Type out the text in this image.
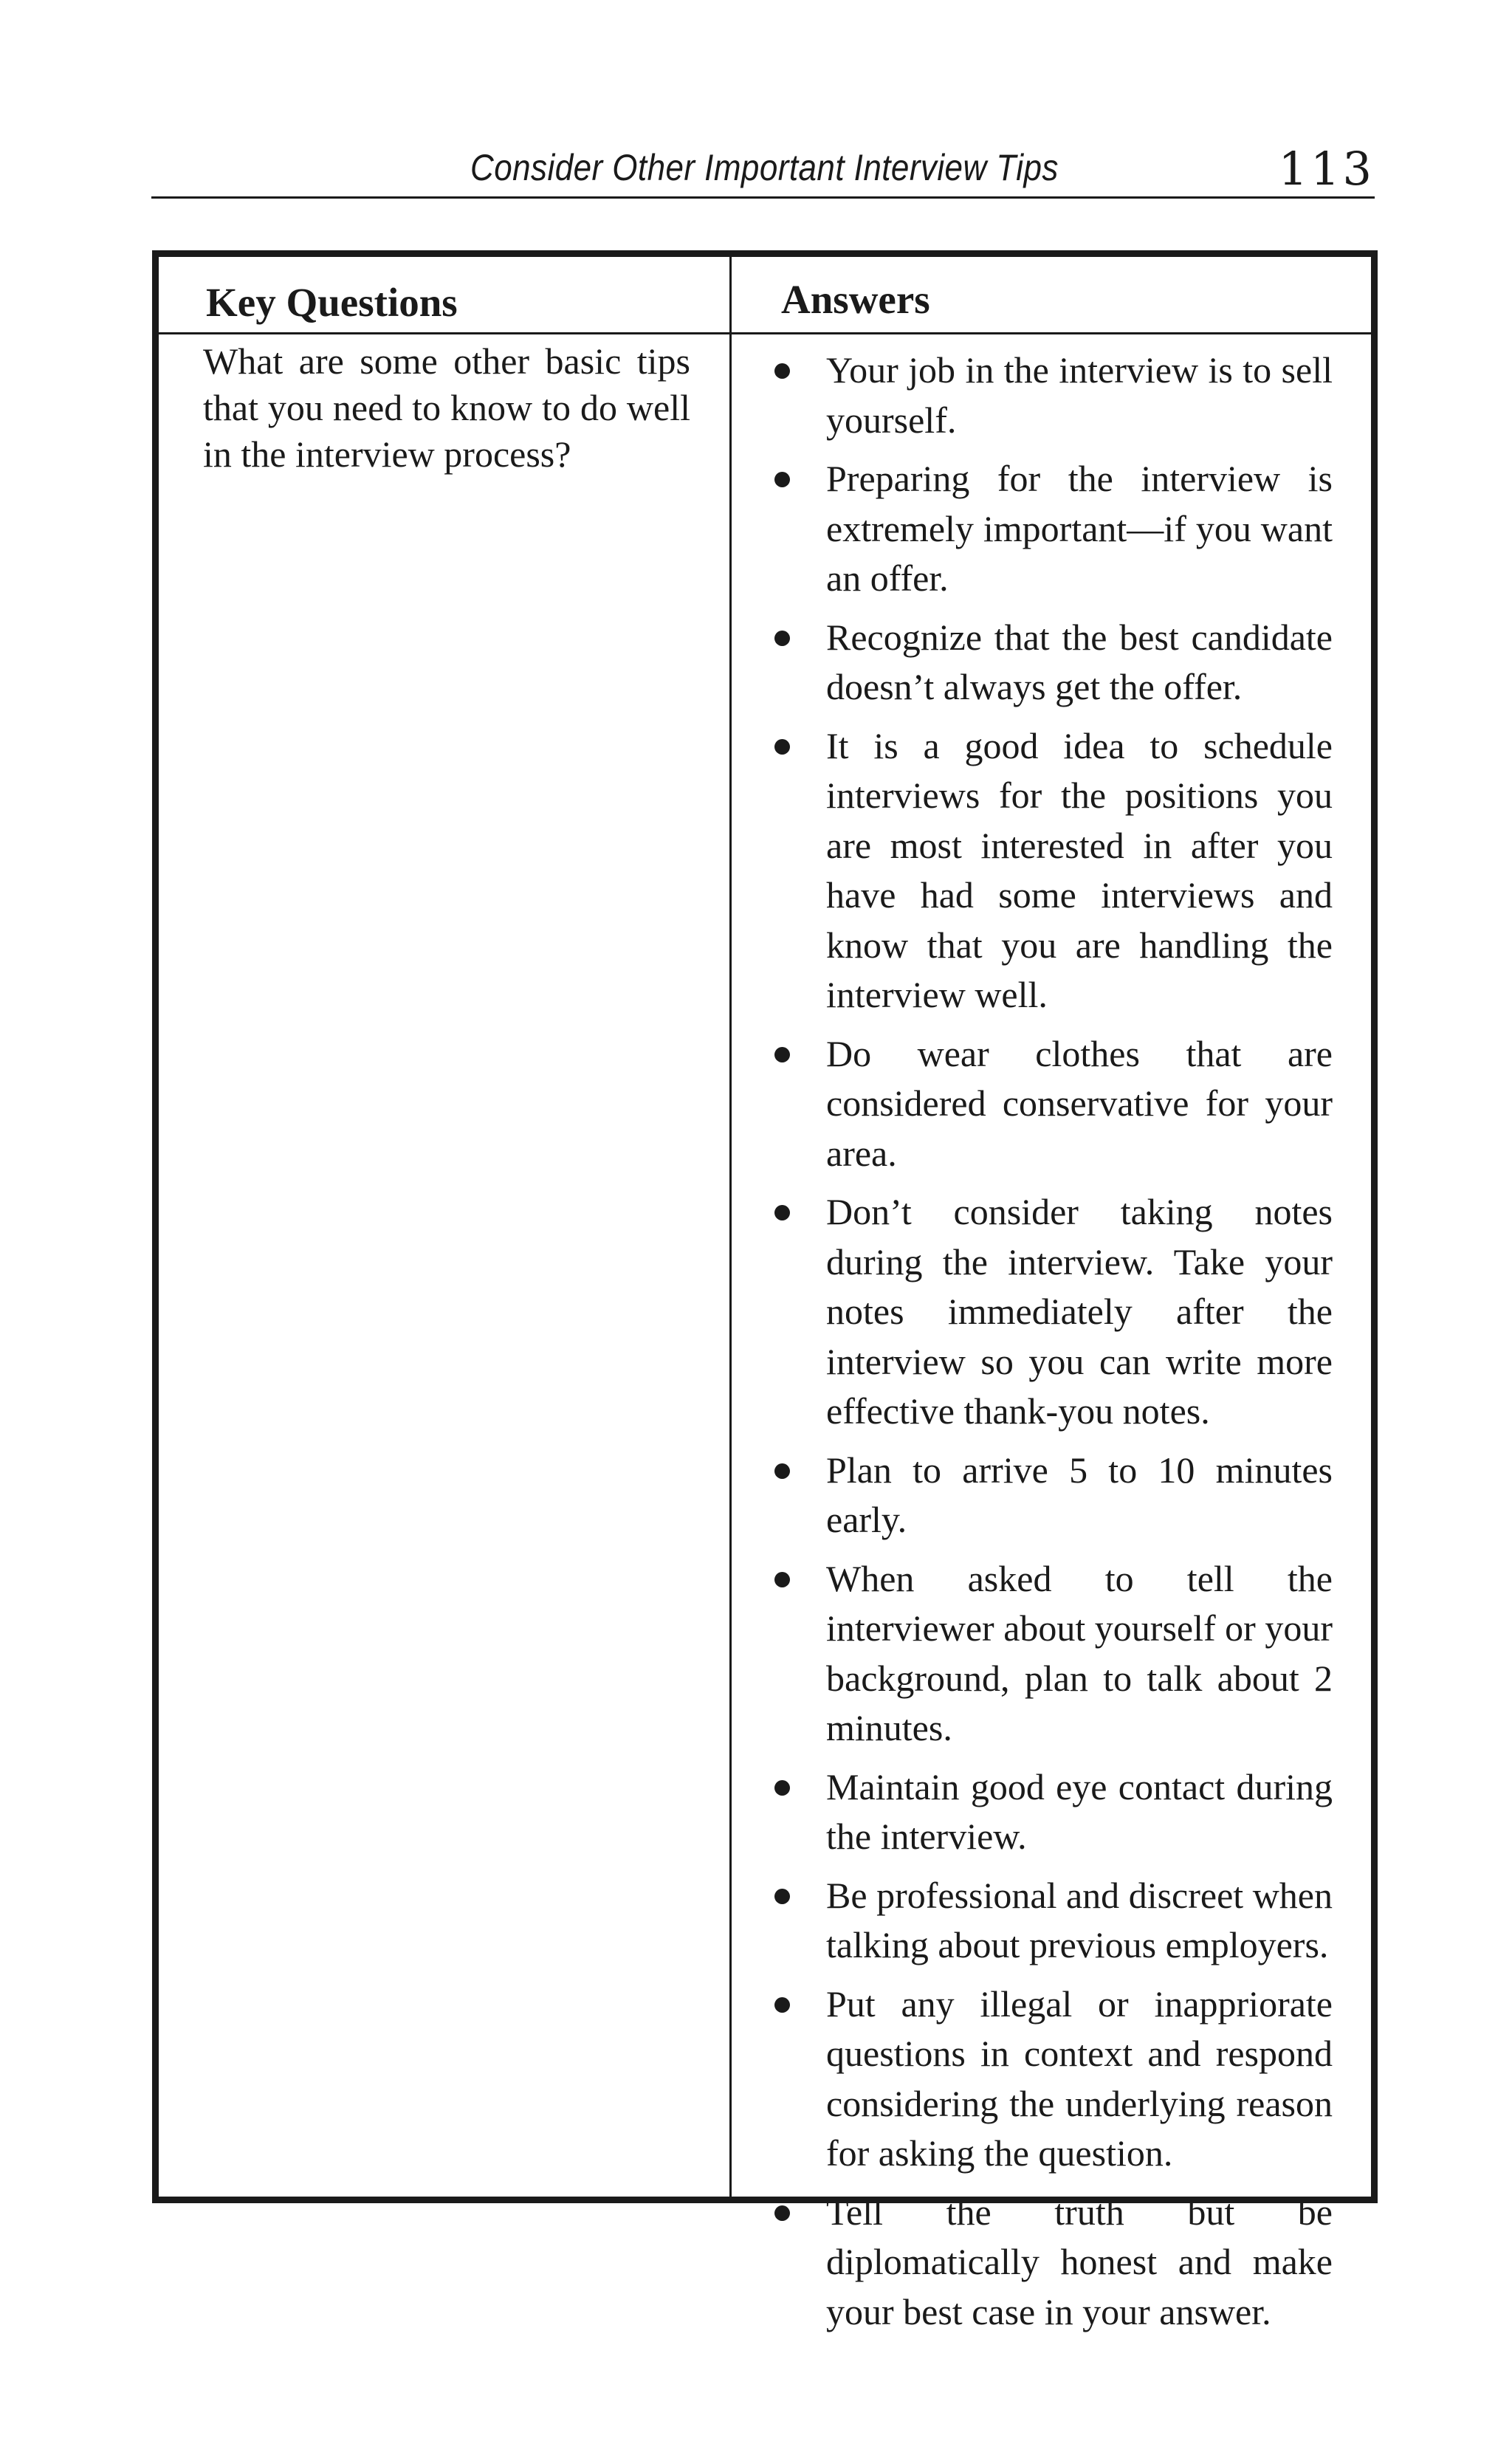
Consider Other Important Interview Tips	113
Key Questions	Answers
What are some other basic tips that you need to know to do well in the interview process?
Your job in the interview is to sell yourself.
Preparing for the interview is extremely important—if you want an offer.
Recognize that the best candidate doesn’t always get the offer.
It is a good idea to schedule interviews for the positions you are most interested in after you have had some interviews and know that you are handling the interview well.
Do wear clothes that are considered conservative for your area.
Don’t consider taking notes during the interview. Take your notes immediately after the interview so you can write more effective thank-you notes.
Plan to arrive 5 to 10 minutes early.
When asked to tell the interviewer about yourself or your background, plan to talk about 2 minutes.
Maintain good eye contact during the interview.
Be professional and discreet when talking about previous employers.
Put any illegal or inappriorate questions in context and respond considering the underlying reason for asking the question.
Tell the truth but be diplomatically honest and make your best case in your answer.
